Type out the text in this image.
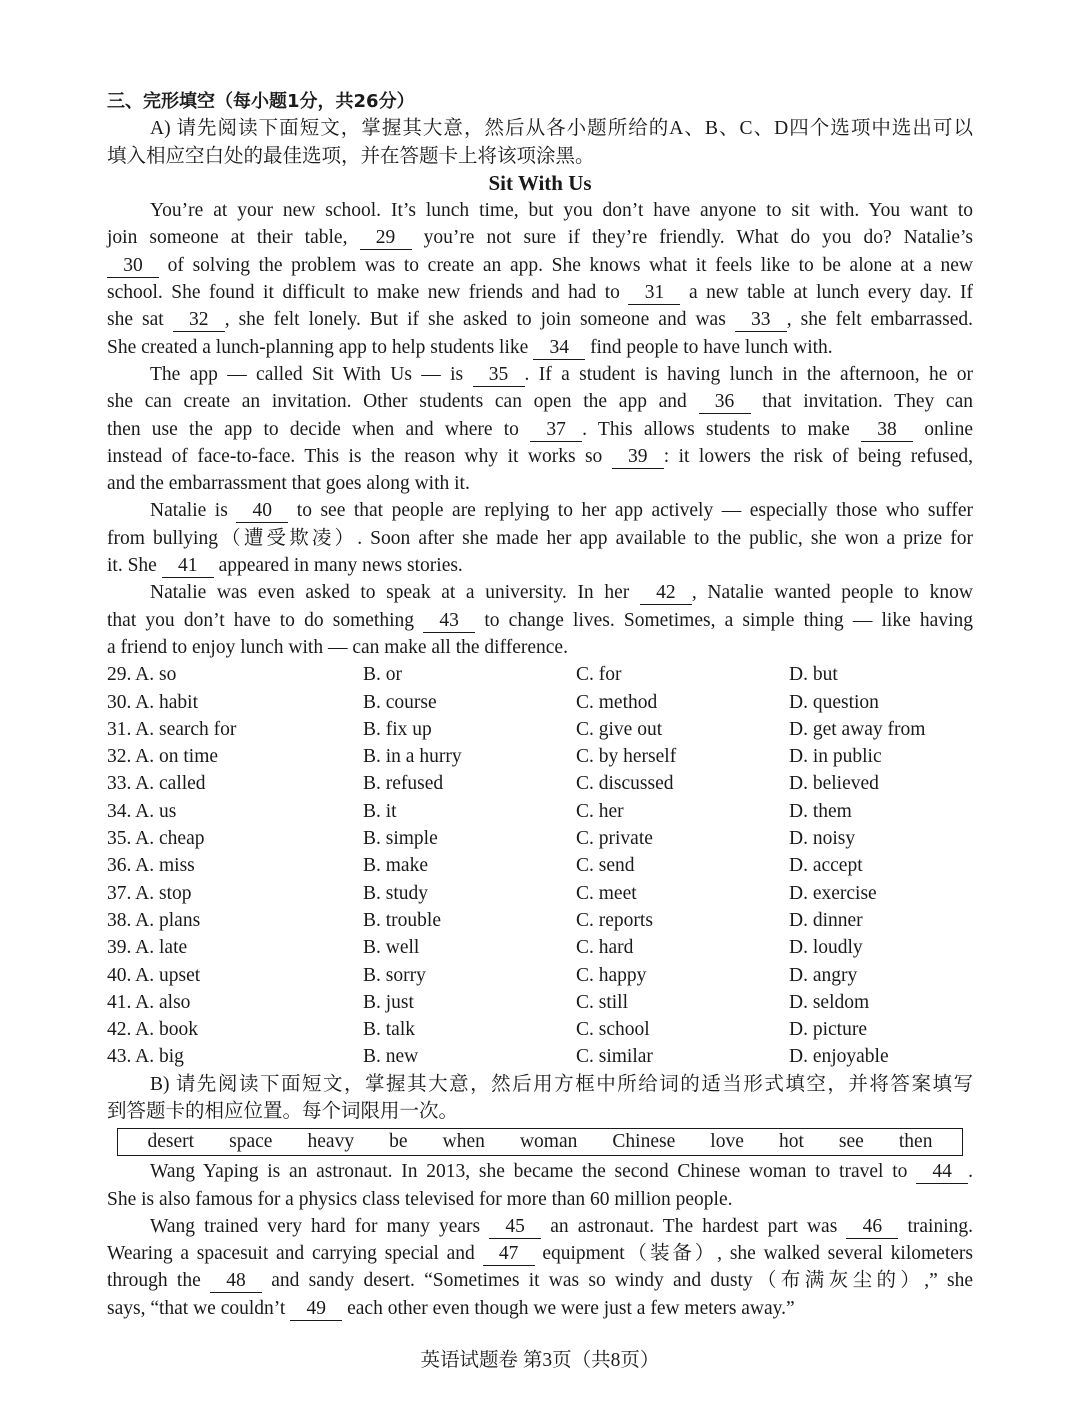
三、完形填空（每小题1分，共26分）
A) 请先阅读下面短文，掌握其大意，然后从各小题所给的A、B、C、D四个选项中选出可以
填入相应空白处的最佳选项，并在答题卡上将该项涂黑。
Sit With Us
You’re at your new school. It’s lunch time, but you don’t have anyone to sit with. You want to
join someone at their table, 29 you’re not sure if they’re friendly. What do you do? Natalie’s
30 of solving the problem was to create an app. She knows what it feels like to be alone at a new
school. She found it difficult to make new friends and had to 31 a new table at lunch every day. If
she sat 32 , she felt lonely. But if she asked to join someone and was 33 , she felt embarrassed.
She created a lunch-planning app to help students like 34 find people to have lunch with.
The app — called Sit With Us — is 35 . If a student is having lunch in the afternoon, he or
she can create an invitation. Other students can open the app and 36 that invitation. They can
then use the app to decide when and where to 37 . This allows students to make 38 online
instead of face-to-face. This is the reason why it works so 39 : it lowers the risk of being refused,
and the embarrassment that goes along with it.
Natalie is 40 to see that people are replying to her app actively — especially those who suffer
from bullying（遭受欺凌）. Soon after she made her app available to the public, she won a prize for
it. She 41 appeared in many news stories.
Natalie was even asked to speak at a university. In her 42 , Natalie wanted people to know
that you don’t have to do something 43 to change lives. Sometimes, a simple thing — like having
a friend to enjoy lunch with — can make all the difference.
29. A. so	B. or	C. for	D. but
30. A. habit	B. course	C. method	D. question
31. A. search for	B. fix up	C. give out	D. get away from
32. A. on time	B. in a hurry	C. by herself	D. in public
33. A. called	B. refused	C. discussed	D. believed
34. A. us	B. it	C. her	D. them
35. A. cheap	B. simple	C. private	D. noisy
36. A. miss	B. make	C. send	D. accept
37. A. stop	B. study	C. meet	D. exercise
38. A. plans	B. trouble	C. reports	D. dinner
39. A. late	B. well	C. hard	D. loudly
40. A. upset	B. sorry	C. happy	D. angry
41. A. also	B. just	C. still	D. seldom
42. A. book	B. talk	C. school	D. picture
43. A. big	B. new	C. similar	D. enjoyable
B) 请先阅读下面短文，掌握其大意，然后用方框中所给词的适当形式填空，并将答案填写
到答题卡的相应位置。每个词限用一次。
desert space heavy be when woman Chinese love hot see then
Wang Yaping is an astronaut. In 2013, she became the second Chinese woman to travel to 44 .
She is also famous for a physics class televised for more than 60 million people.
Wang trained very hard for many years 45 an astronaut. The hardest part was 46 training.
Wearing a spacesuit and carrying special and 47 equipment（装备）, she walked several kilometers
through the 48 and sandy desert. “Sometimes it was so windy and dusty（布满灰尘的）,” she
says, “that we couldn’t 49 each other even though we were just a few meters away.”
英语试题卷 第3页（共8页）
